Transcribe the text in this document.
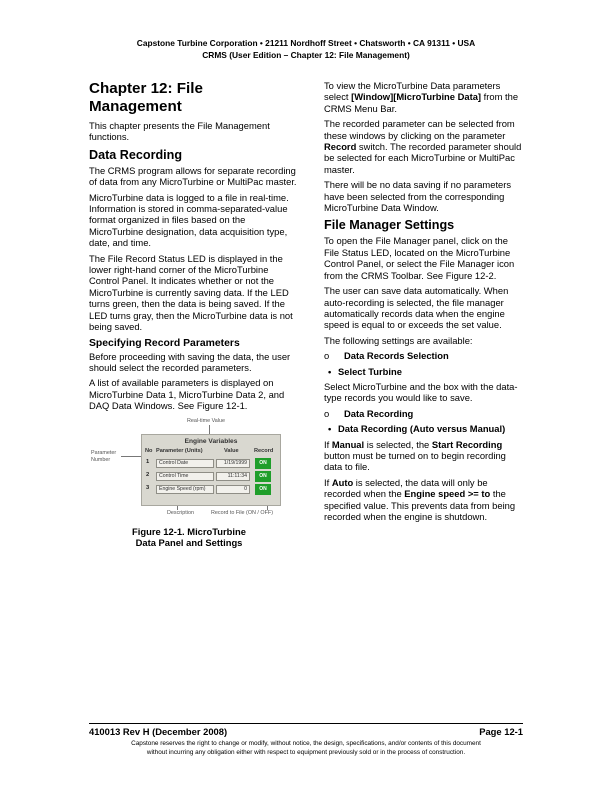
Capstone Turbine Corporation • 21211 Nordhoff Street • Chatsworth • CA 91311 • USA
CRMS (User Edition – Chapter 12: File Management)
Chapter 12: File Management

This chapter presents the File Management functions.

Data Recording

The CRMS program allows for separate recording of data from any MicroTurbine or MultiPac master.

MicroTurbine data is logged to a file in real-time. Information is stored in comma-separated-value format organized in files based on the MicroTurbine designation, data acquisition type, date, and time.

The File Record Status LED is displayed in the lower right-hand corner of the MicroTurbine Control Panel. It indicates whether or not the MicroTurbine is currently saving data. If the LED turns green, then the data is being saved. If the LED turns gray, then the MicroTurbine data is not being saved.

Specifying Record Parameters

Before proceeding with saving the data, the user should select the recorded parameters.

A list of available parameters is displayed on MicroTurbine Data 1, MicroTurbine Data 2, and DAQ Data Windows. See Figure 12-1.

Real-time Value
Parameter
Number
Description	Record to File (ON / OFF)
Engine Variables
No Parameter (Units)	Value	Record
1	Control Date	1/19/1999	ON
2	Control Time	11:11:34	ON
3	Engine Speed (rpm)	0	ON
Figure 12-1. MicroTurbine
Data Panel and Settings

To view the MicroTurbine Data parameters select [Window][MicroTurbine Data] from the CRMS Menu Bar.

The recorded parameter can be selected from these windows by clicking on the parameter Record switch. The recorded parameter should be selected for each MicroTurbine or MultiPac master.

There will be no data saving if no parameters have been selected from the corresponding MicroTurbine Data Window.

File Manager Settings

To open the File Manager panel, click on the File Status LED, located on the MicroTurbine Control Panel, or select the File Manager icon from the CRMS Toolbar. See Figure 12-2.

The user can save data automatically. When auto-recording is selected, the file manager automatically records data when the engine speed is equal to or exceeds the set value.

The following settings are available:

o	Data Records Selection
• Select Turbine

Select MicroTurbine and the box with the data-type records you would like to save.

o	Data Recording
• Data Recording (Auto versus Manual)

If Manual is selected, the Start Recording button must be turned on to begin recording data to file.

If Auto is selected, the data will only be recorded when the Engine speed >= to the specified value. This prevents data from being recorded when the engine is shutdown.

410013 Rev H (December 2008)	Page 12-1
Capstone reserves the right to change or modify, without notice, the design, specifications, and/or contents of this document
without incurring any obligation either with respect to equipment previously sold or in the process of construction.
